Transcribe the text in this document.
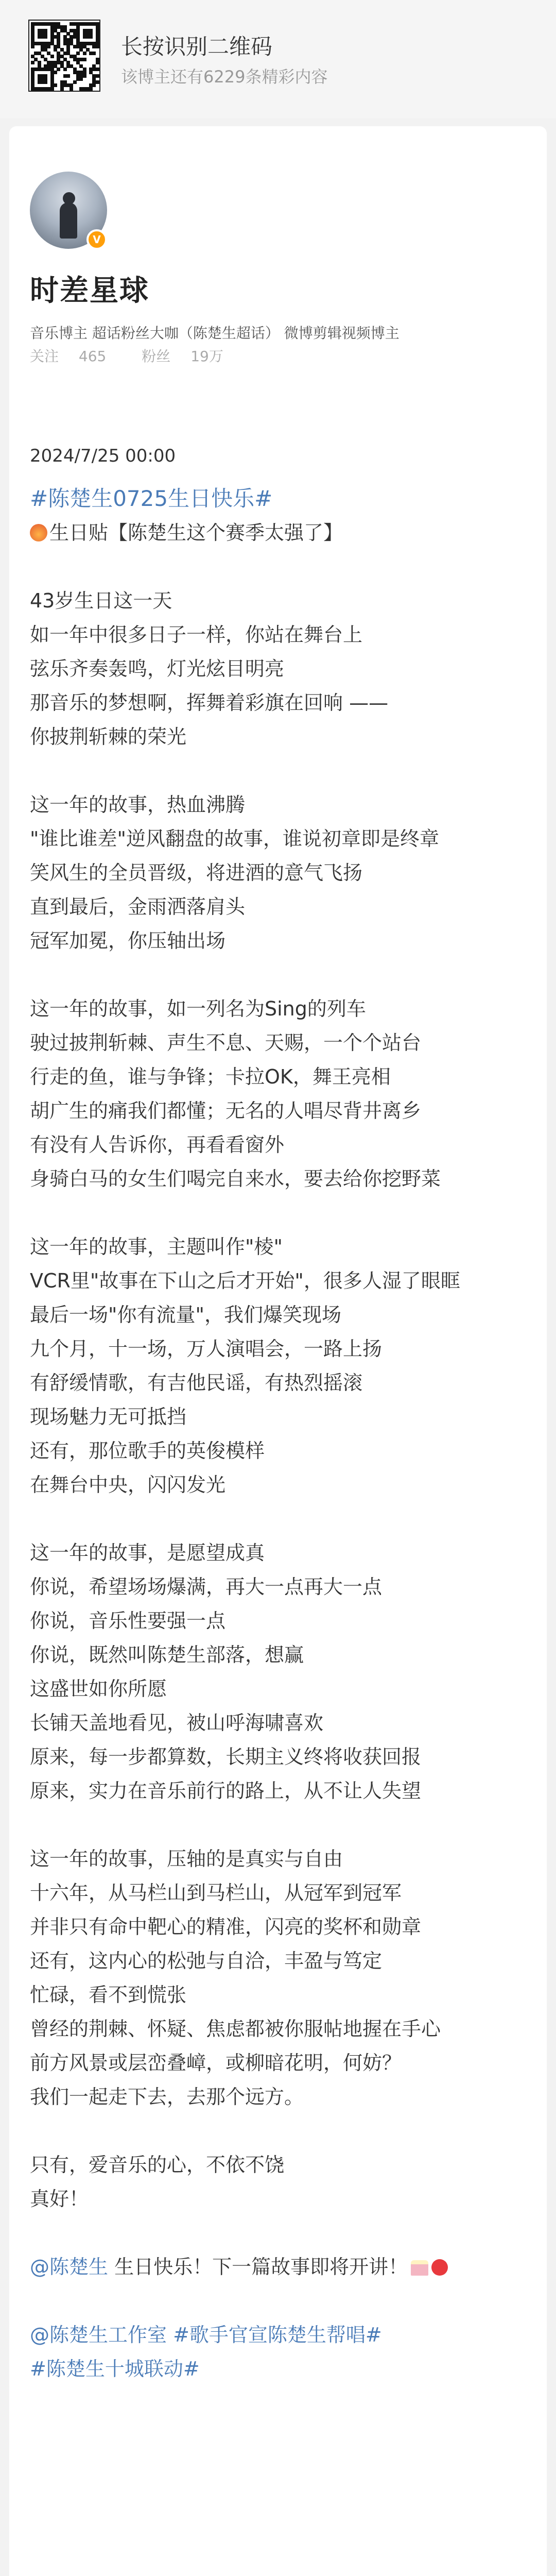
长按识别二维码
该博主还有6229条精彩内容
V
时差星球
音乐博主 超话粉丝大咖（陈楚生超话） 微博剪辑视频博主
关注 465 粉丝 19万
2024/7/25 00:00
#陈楚生0725生日快乐#
生日贴【陈楚生这个赛季太强了】
43岁生日这一天
如一年中很多日子一样，你站在舞台上
弦乐齐奏轰鸣，灯光炫目明亮
那音乐的梦想啊，挥舞着彩旗在回响 ——
你披荆斩棘的荣光
这一年的故事，热血沸腾
"谁比谁差"逆风翻盘的故事，谁说初章即是终章
笑风生的全员晋级，将进酒的意气飞扬
直到最后，金雨洒落肩头
冠军加冕，你压轴出场
这一年的故事，如一列名为Sing的列车
驶过披荆斩棘、声生不息、天赐，一个个站台
行走的鱼，谁与争锋；卡拉OK，舞王亮相
胡广生的痛我们都懂；无名的人唱尽背井离乡
有没有人告诉你，再看看窗外
身骑白马的女生们喝完自来水，要去给你挖野菜
这一年的故事，主题叫作"棱"
VCR里"故事在下山之后才开始"，很多人湿了眼眶
最后一场"你有流量"，我们爆笑现场
九个月，十一场，万人演唱会，一路上扬
有舒缓情歌，有吉他民谣，有热烈摇滚
现场魅力无可抵挡
还有，那位歌手的英俊模样
在舞台中央，闪闪发光
这一年的故事，是愿望成真
你说，希望场场爆满，再大一点再大一点
你说，音乐性要强一点
你说，既然叫陈楚生部落，想赢
这盛世如你所愿
长铺天盖地看见，被山呼海啸喜欢
原来，每一步都算数，长期主义终将收获回报
原来，实力在音乐前行的路上，从不让人失望
这一年的故事，压轴的是真实与自由
十六年，从马栏山到马栏山，从冠军到冠军
并非只有命中靶心的精准，闪亮的奖杯和勋章
还有，这内心的松弛与自洽，丰盈与笃定
忙碌，看不到慌张
曾经的荆棘、怀疑、焦虑都被你服帖地握在手心
前方风景或层峦叠嶂，或柳暗花明，何妨？
我们一起走下去，去那个远方。
只有，爱音乐的心，不依不饶
真好！
@陈楚生 生日快乐！下一篇故事即将开讲！
@陈楚生工作室 #歌手官宣陈楚生帮唱#
#陈楚生十城联动#
